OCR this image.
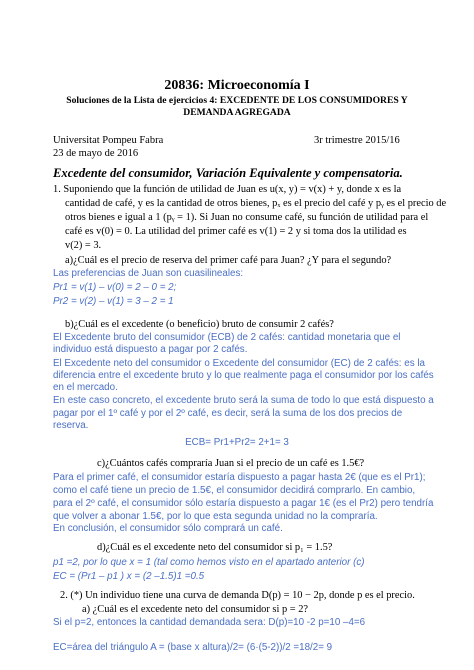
20836: Microeconomía I
Soluciones de la Lista de ejercicios 4: EXCEDENTE DE LOS CONSUMIDORES Y
DEMANDA AGREGADA
Universitat Pompeu Fabra	3r trimestre 2015/16
23 de mayo de 2016
Excedente del consumidor, Variación Equivalente y compensatoria.
1. Suponiendo que la función de utilidad de Juan es u(x, y) = v(x) + y, donde x es la
cantidad de café, y es la cantidad de otros bienes, pₓ es el precio del café y pᵧ es el precio de
otros bienes e igual a 1 (pᵧ = 1). Si Juan no consume café, su función de utilidad para el
café es v(0) = 0. La utilidad del primer café es v(1) = 2 y si toma dos la utilidad es
v(2) = 3.
a)¿Cuál es el precio de reserva del primer café para Juan? ¿Y para el segundo?
Las preferencias de Juan son cuasilineales:
Pr1 = v(1) – v(0) = 2 – 0 = 2;
Pr2 = v(2) – v(1) = 3 – 2 = 1
b)¿Cuál es el excedente (o beneficio) bruto de consumir 2 cafés?
El Excedente bruto del consumidor (ECB) de 2 cafés: cantidad monetaria que el
individuo está dispuesto a pagar por 2 cafés.
El Excedente neto del consumidor o Excedente del consumidor (EC) de 2 cafés: es la
diferencia entre el excedente bruto y lo que realmente paga el consumidor por los cafés
en el mercado.
En este caso concreto, el excedente bruto será la suma de todo lo que está dispuesto a
pagar por el 1º café y por el 2º café, es decir, será la suma de los dos precios de
reserva.
ECB= Pr1+Pr2= 2+1= 3
c)¿Cuántos cafés compraría Juan si el precio de un café es 1.5€?
Para el primer café, el consumidor estaría dispuesto a pagar hasta 2€ (que es el Pr1);
como el café tiene un precio de 1.5€, el consumidor decidirá comprarlo. En cambio,
para el 2º café, el consumidor sólo estaría dispuesto a pagar 1€ (es el Pr2) pero tendría
que volver a abonar 1.5€, por lo que esta segunda unidad no la compraría.
En conclusión, el consumidor sólo comprará un café.
d)¿Cuál es el excedente neto del consumidor si p₁ = 1.5?
p1 =2, por lo que x = 1 (tal como hemos visto en el apartado anterior (c)
EC = (Pr1 – p1 ) x = (2 –1.5)1 =0.5
2. (*) Un individuo tiene una curva de demanda D(p) = 10 − 2p, donde p es el precio.
a) ¿Cuál es el excedente neto del consumidor si p = 2?
Si el p=2, entonces la cantidad demandada sera: D(p)=10 -2 p=10 –4=6
EC=área del triángulo A = (base x altura)/2= (6·(5-2))/2 =18/2= 9
